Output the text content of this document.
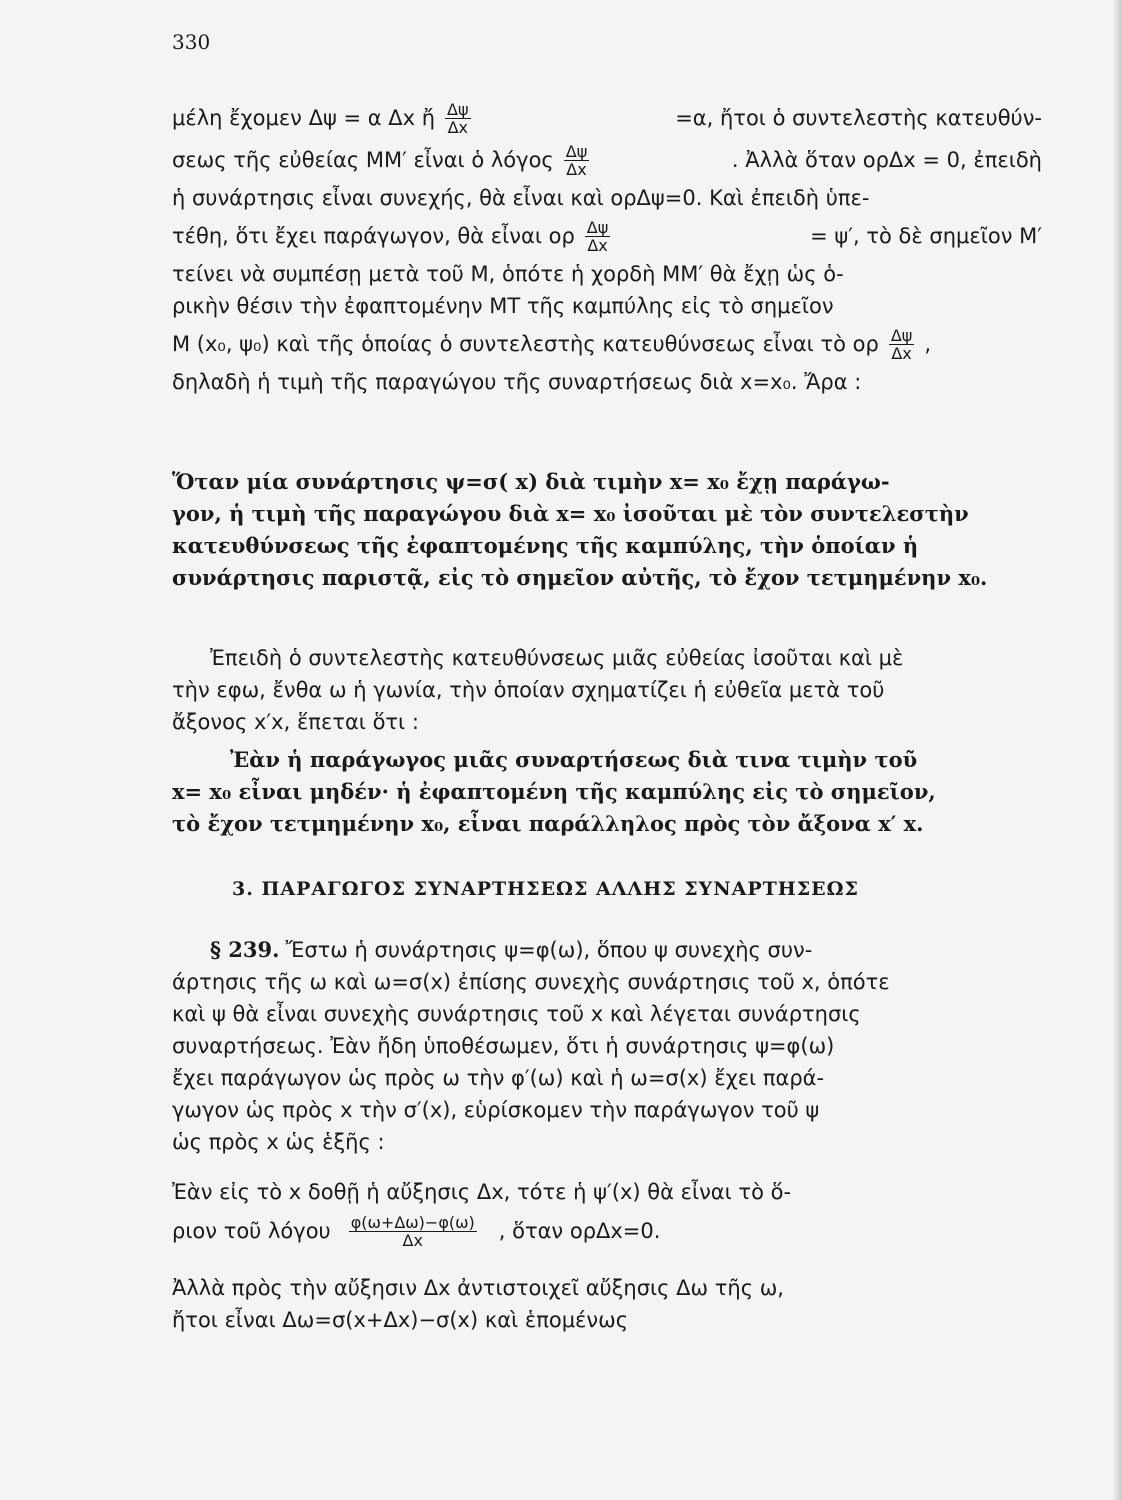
330
μέλη ἔχομεν Δψ = α Δx ἤ $\frac{\Delta\psi}{\Delta x}$	=α, ἤτοι ὁ συντελεστὴς κατευθύν-
σεως τῆς εὐθείας ΜΜ′ εἶναι ὁ λόγος $\frac{\Delta\psi}{\Delta x}$	. Ἀλλὰ ὅταν ορΔx = 0, ἐπειδὴ
ἡ συνάρτησις εἶναι συνεχής, θὰ εἶναι καὶ ορΔψ=0. Καὶ ἐπειδὴ ὑπε-
τέθη, ὅτι ἔχει παράγωγον, θὰ εἶναι ορ $\frac{\Delta\psi}{\Delta x}$	= ψ′, τὸ δὲ σημεῖον Μ′
τείνει νὰ συμπέσῃ μετὰ τοῦ Μ, ὁπότε ἡ χορδὴ ΜΜ′ θὰ ἔχῃ ὡς ὁ-
ρικὴν θέσιν τὴν ἐφαπτομένην ΜΤ τῆς καμπύλης εἰς τὸ σημεῖον
Μ (x₀, ψ₀) καὶ τῆς ὁποίας ὁ συντελεστὴς κατευθύνσεως εἶναι τὸ ορ $\frac{\Delta\psi}{\Delta x}$ ,
δηλαδὴ ἡ τιμὴ τῆς παραγώγου τῆς συναρτήσεως διὰ x=x₀. Ἄρα :
Ὅταν μία συνάρτησις ψ=σ( x) διὰ τιμὴν x= x₀ ἔχῃ παράγω-
γον, ἡ τιμὴ τῆς παραγώγου διὰ x= x₀ ἰσοῦται μὲ τὸν συντελεστὴν
κατευθύνσεως τῆς ἐφαπτομένης τῆς καμπύλης, τὴν ὁποίαν ἡ
συνάρτησις παριστᾷ, εἰς τὸ σημεῖον αὐτῆς, τὸ ἔχον τετμημένην x₀.
Ἐπειδὴ ὁ συντελεστὴς κατευθύνσεως μιᾶς εὐθείας ἰσοῦται καὶ μὲ
τὴν εφω, ἔνθα ω ἡ γωνία, τὴν ὁποίαν σχηματίζει ἡ εὐθεῖα μετὰ τοῦ
ἄξονος x′x, ἕπεται ὅτι :
Ἐὰν ἡ παράγωγος μιᾶς συναρτήσεως διὰ τινα τιμὴν τοῦ
x= x₀ εἶναι μηδέν· ἡ ἐφαπτομένη τῆς καμπύλης εἰς τὸ σημεῖον,
τὸ ἔχον τετμημένην x₀, εἶναι παράλληλος πρὸς τὸν ἄξονα x′ x.
3. ΠΑΡΑΓΩΓΟΣ ΣΥΝΑΡΤΗΣΕΩΣ ΑΛΛΗΣ ΣΥΝΑΡΤΗΣΕΩΣ
§ 239. Ἔστω ἡ συνάρτησις ψ=φ(ω), ὅπου ψ συνεχὴς συν-
άρτησις τῆς ω καὶ ω=σ(x) ἐπίσης συνεχὴς συνάρτησις τοῦ x, ὁπότε
καὶ ψ θὰ εἶναι συνεχὴς συνάρτησις τοῦ x καὶ λέγεται συνάρτησις
συναρτήσεως. Ἐὰν ἤδη ὑποθέσωμεν, ὅτι ἡ συνάρτησις ψ=φ(ω)
ἔχει παράγωγον ὡς πρὸς ω τὴν φ′(ω) καὶ ἡ ω=σ(x) ἔχει παρά-
γωγον ὡς πρὸς x τὴν σ′(x), εὑρίσκομεν τὴν παράγωγον τοῦ ψ
ὡς πρὸς x ὡς ἑξῆς :
Ἐὰν εἰς τὸ x δοθῇ ἡ αὔξησις Δx, τότε ἡ ψ′(x) θὰ εἶναι τὸ ὅ-
ριον τοῦ λόγου $\frac{\varphi(\omega+\Delta\omega)-\varphi(\omega)}{\Delta x}$ , ὅταν ορΔx=0.
Ἀλλὰ πρὸς τὴν αὔξησιν Δx ἀντιστοιχεῖ αὔξησις Δω τῆς ω,
ἤτοι εἶναι Δω=σ(x+Δx)−σ(x) καὶ ἑπομένως
